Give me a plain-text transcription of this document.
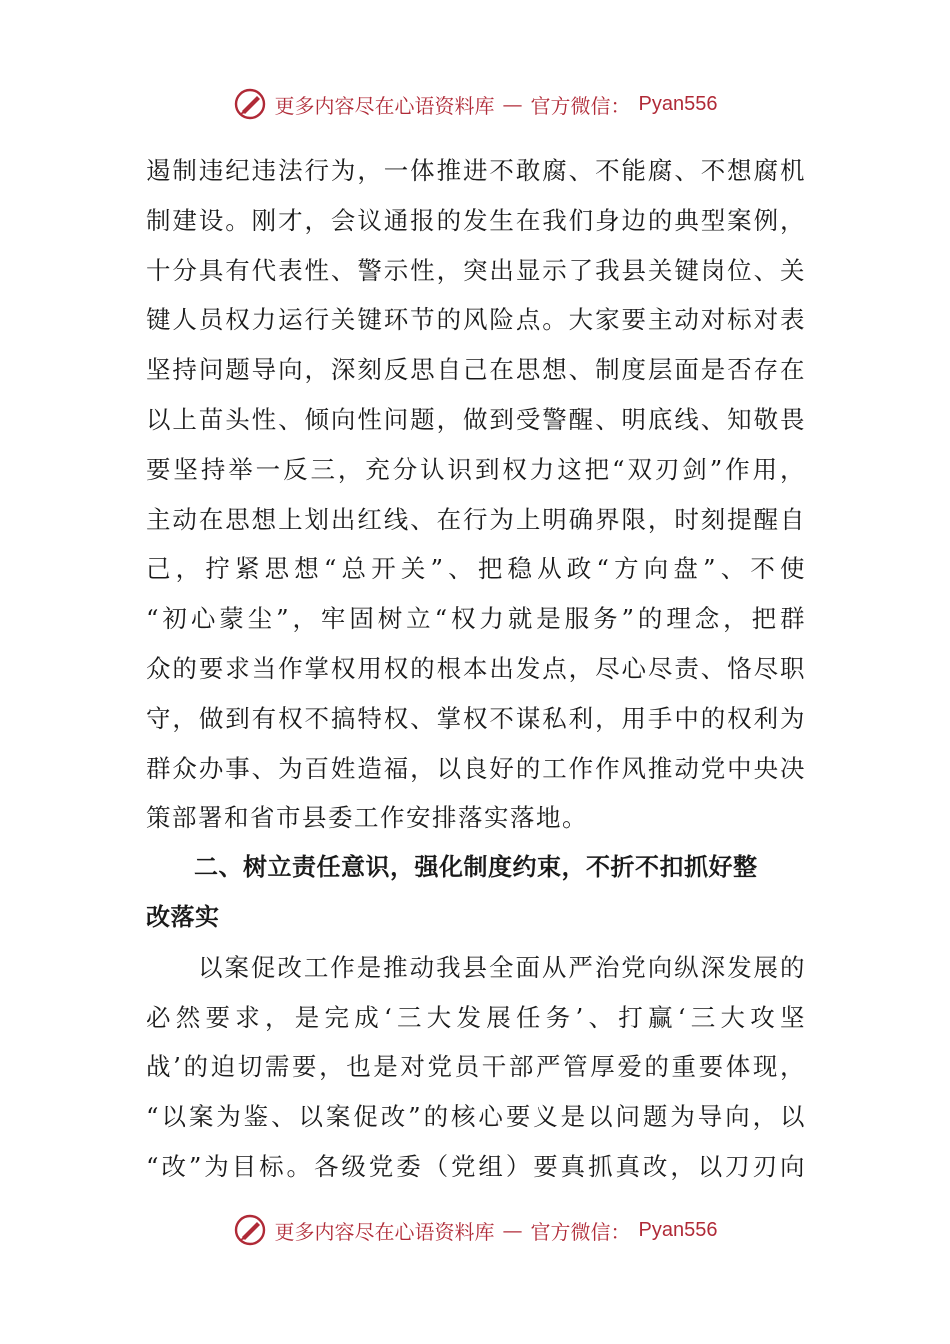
更多内容尽在心语资料库 — 官方微信： Pyan556

遏制违纪违法行为，一体推进不敢腐、不能腐、不想腐机

制建设。刚才，会议通报的发生在我们身边的典型案例，

十分具有代表性、警示性，突出显示了我县关键岗位、关

键人员权力运行关键环节的风险点。大家要主动对标对表

坚持问题导向，深刻反思自己在思想、制度层面是否存在

以上苗头性、倾向性问题，做到受警醒、明底线、知敬畏

要坚持举一反三，充分认识到权力这把“双刃剑”作用，

主动在思想上划出红线、在行为上明确界限，时刻提醒自

己，拧紧思想“总开关”、把稳从政“方向盘”、不使

“初心蒙尘”，牢固树立“权力就是服务”的理念，把群

众的要求当作掌权用权的根本出发点，尽心尽责、恪尽职

守，做到有权不搞特权、掌权不谋私利，用手中的权利为

群众办事、为百姓造福，以良好的工作作风推动党中央决

策部署和省市县委工作安排落实落地。

二、树立责任意识，强化制度约束，不折不扣抓好整

改落实

以案促改工作是推动我县全面从严治党向纵深发展的

必然要求，是完成‘三大发展任务’、打赢‘三大攻坚

战’的迫切需要，也是对党员干部严管厚爱的重要体现，

“以案为鉴、以案促改”的核心要义是以问题为导向，以

“改”为目标。各级党委（党组）要真抓真改，以刀刃向

更多内容尽在心语资料库 — 官方微信： Pyan556
